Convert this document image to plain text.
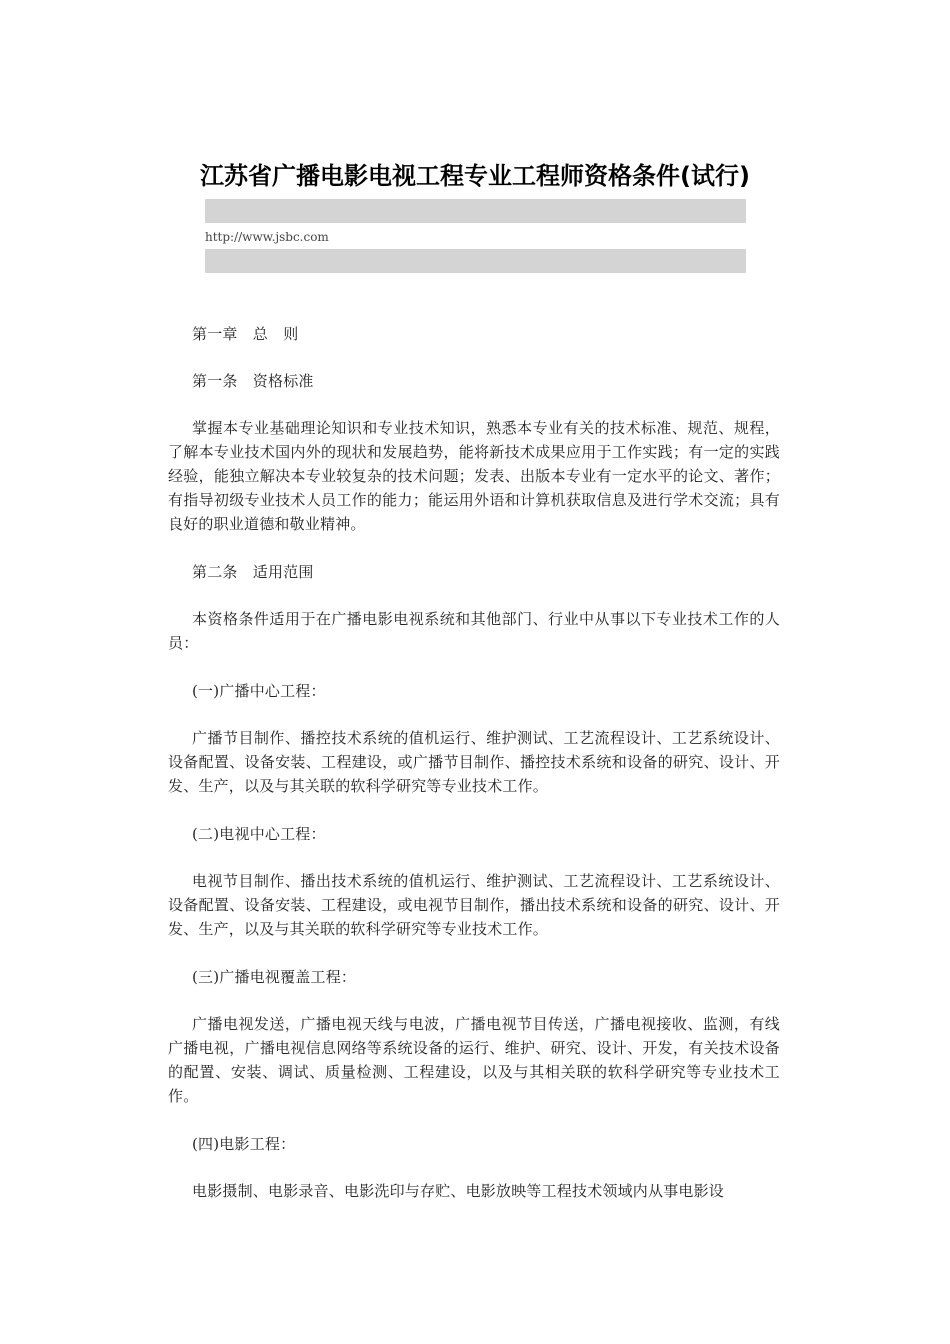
江苏省广播电影电视工程专业工程师资格条件(试行)
http://www.jsbc.com

第一章　总　则

第一条　资格标准

掌握本专业基础理论知识和专业技术知识，熟悉本专业有关的技术标准、规范、规程，了解本专业技术国内外的现状和发展趋势，能将新技术成果应用于工作实践；有一定的实践经验，能独立解决本专业较复杂的技术问题；发表、出版本专业有一定水平的论文、著作；有指导初级专业技术人员工作的能力；能运用外语和计算机获取信息及进行学术交流；具有良好的职业道德和敬业精神。

第二条　适用范围

本资格条件适用于在广播电影电视系统和其他部门、行业中从事以下专业技术工作的人员：

(一)广播中心工程：

广播节目制作、播控技术系统的值机运行、维护测试、工艺流程设计、工艺系统设计、设备配置、设备安装、工程建设，或广播节目制作、播控技术系统和设备的研究、设计、开发、生产，以及与其关联的软科学研究等专业技术工作。

(二)电视中心工程：

电视节目制作、播出技术系统的值机运行、维护测试、工艺流程设计、工艺系统设计、设备配置、设备安装、工程建设，或电视节目制作，播出技术系统和设备的研究、设计、开发、生产，以及与其关联的软科学研究等专业技术工作。

(三)广播电视覆盖工程：

广播电视发送，广播电视天线与电波，广播电视节目传送，广播电视接收、监测，有线广播电视，广播电视信息网络等系统设备的运行、维护、研究、设计、开发，有关技术设备的配置、安装、调试、质量检测、工程建设，以及与其相关联的软科学研究等专业技术工作。

(四)电影工程：

电影摄制、电影录音、电影洗印与存贮、电影放映等工程技术领域内从事电影设
